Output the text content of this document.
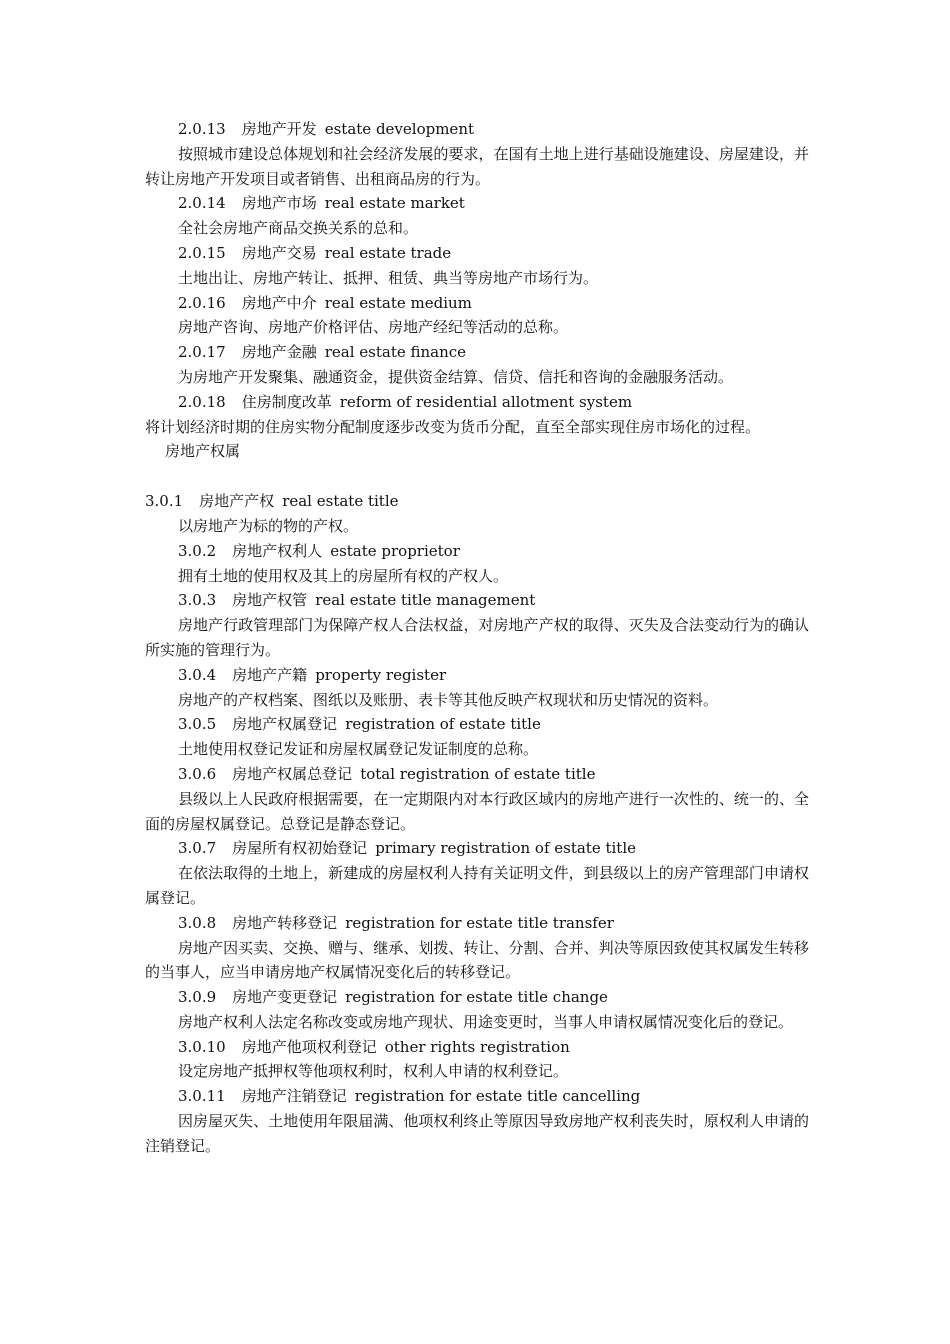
2.0.13 房地产开发 estate development

按照城市建设总体规划和社会经济发展的要求，在国有土地上进行基础设施建设、房屋建设，并转让房地产开发项目或者销售、出租商品房的行为。

2.0.14 房地产市场 real estate market

全社会房地产商品交换关系的总和。

2.0.15 房地产交易 real estate trade

土地出让、房地产转让、抵押、租赁、典当等房地产市场行为。

2.0.16 房地产中介 real estate medium

房地产咨询、房地产价格评估、房地产经纪等活动的总称。

2.0.17 房地产金融 real estate finance

为房地产开发聚集、融通资金，提供资金结算、信贷、信托和咨询的金融服务活动。

2.0.18 住房制度改革 reform of residential allotment system

将计划经济时期的住房实物分配制度逐步改变为货币分配，直至全部实现住房市场化的过程。

房地产权属
3.0.1 房地产产权 real estate title

以房地产为标的物的产权。

3.0.2 房地产权利人 estate proprietor

拥有土地的使用权及其上的房屋所有权的产权人。

3.0.3 房地产权管 real estate title management

房地产行政管理部门为保障产权人合法权益，对房地产产权的取得、灭失及合法变动行为的确认所实施的管理行为。

3.0.4 房地产产籍 property register

房地产的产权档案、图纸以及账册、表卡等其他反映产权现状和历史情况的资料。

3.0.5 房地产权属登记 registration of estate title

土地使用权登记发证和房屋权属登记发证制度的总称。

3.0.6 房地产权属总登记 total registration of estate title

县级以上人民政府根据需要，在一定期限内对本行政区域内的房地产进行一次性的、统一的、全面的房屋权属登记。总登记是静态登记。

3.0.7 房屋所有权初始登记 primary registration of estate title

在依法取得的土地上，新建成的房屋权利人持有关证明文件，到县级以上的房产管理部门申请权属登记。

3.0.8 房地产转移登记 registration for estate title transfer

房地产因买卖、交换、赠与、继承、划拨、转让、分割、合并、判决等原因致使其权属发生转移的当事人，应当申请房地产权属情况变化后的转移登记。

3.0.9 房地产变更登记 registration for estate title change

房地产权利人法定名称改变或房地产现状、用途变更时，当事人申请权属情况变化后的登记。

3.0.10 房地产他项权利登记 other rights registration

设定房地产抵押权等他项权利时，权利人申请的权利登记。

3.0.11 房地产注销登记 registration for estate title cancelling

因房屋灭失、土地使用年限届满、他项权利终止等原因导致房地产权利丧失时，原权利人申请的注销登记。
